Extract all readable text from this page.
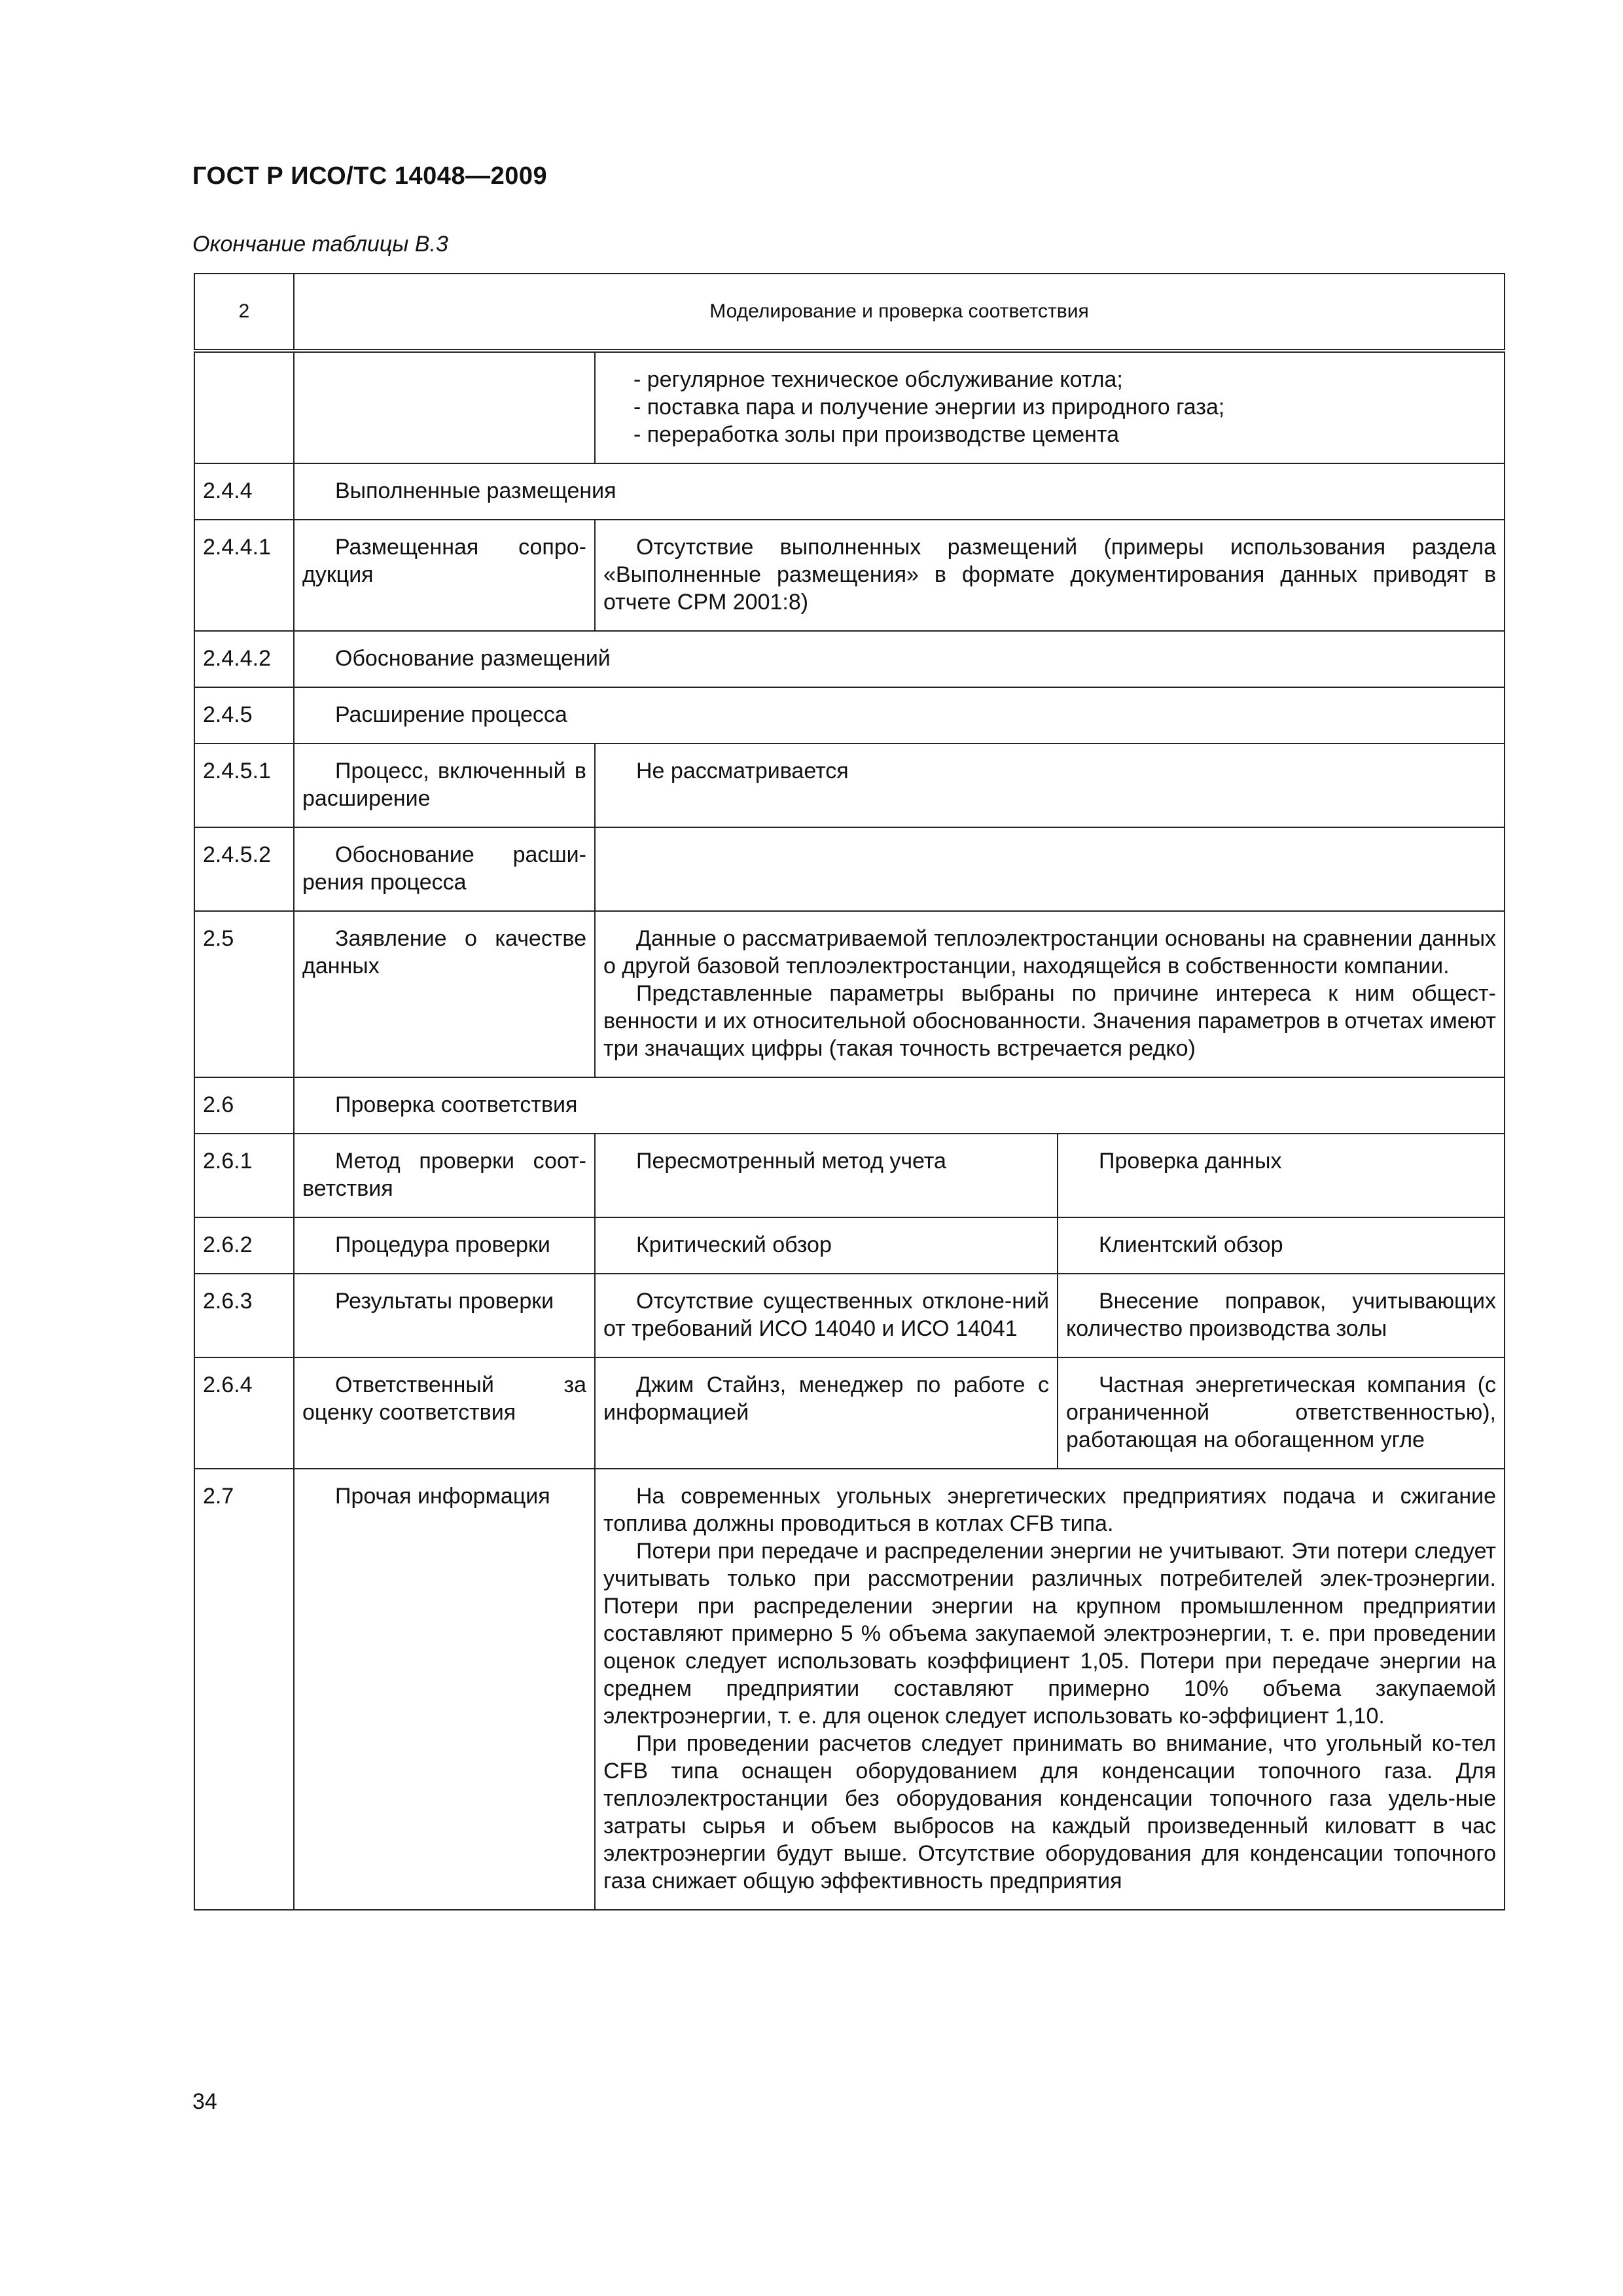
ГОСТ Р ИСО/ТС 14048—2009
Окончание таблицы В.3
2	Моделирование и проверка соответствия		

		- регулярное техническое обслуживание котла;
- поставка пара и получение энергии из природного газа;
- переработка золы при производстве цемента	

2.4.4	Выполненные размещения		
2.4.4.1	Размещенная сопро-дукция	Отсутствие выполненных размещений (примеры использования раздела «Выполненные размещения» в формате документирования данных приводят в отчете CPM 2001:8)	
2.4.4.2	Обоснование размещений		
2.4.5	Расширение процесса		
2.4.5.1	Процесс, включенный в расширение	Не рассматривается	
2.4.5.2	Обоснование расши-рения процесса		
2.5	Заявление о качестве данных	Данные о рассматриваемой теплоэлектростанции основаны на сравнении данных о другой базовой теплоэлектростанции, находящейся в собственности компании.
Представленные параметры выбраны по причине интереса к ним общест-венности и их относительной обоснованности. Значения параметров в отчетах имеют три значащих цифры (такая точность встречается редко)	

2.6	Проверка соответствия		
2.6.1	Метод проверки соот-ветствия	Пересмотренный метод учета	Проверка данных
2.6.2	Процедура проверки	Критический обзор	Клиентский обзор
2.6.3	Результаты проверки	Отсутствие существенных отклоне-ний от требований ИСО 14040 и ИСО 14041	Внесение поправок, учитывающих количество производства золы
2.6.4	Ответственный за оценку соответствия	Джим Стайнз, менеджер по работе с информацией	Частная энергетическая компания (с ограниченной ответственностью), работающая на обогащенном угле
2.7	Прочая информация	На современных угольных энергетических предприятиях подача и сжигание топлива должны проводиться в котлах CFB типа.
Потери при передаче и распределении энергии не учитывают. Эти потери следует учитывать только при рассмотрении различных потребителей элек-троэнергии. Потери при распределении энергии на крупном промышленном предприятии составляют примерно 5 % объема закупаемой электроэнергии, т. е. при проведении оценок следует использовать коэффициент 1,05. Потери при передаче энергии на среднем предприятии составляют примерно 10% объема закупаемой электроэнергии, т. е. для оценок следует использовать ко-эффициент 1,10.
При проведении расчетов следует принимать во внимание, что угольный ко-тел CFB типа оснащен оборудованием для конденсации топочного газа. Для теплоэлектростанции без оборудования конденсации топочного газа удель-ные затраты сырья и объем выбросов на каждый произведенный киловатт в час электроэнергии будут выше. Отсутствие оборудования для конденсации топочного газа снижает общую эффективность предприятия	
34
